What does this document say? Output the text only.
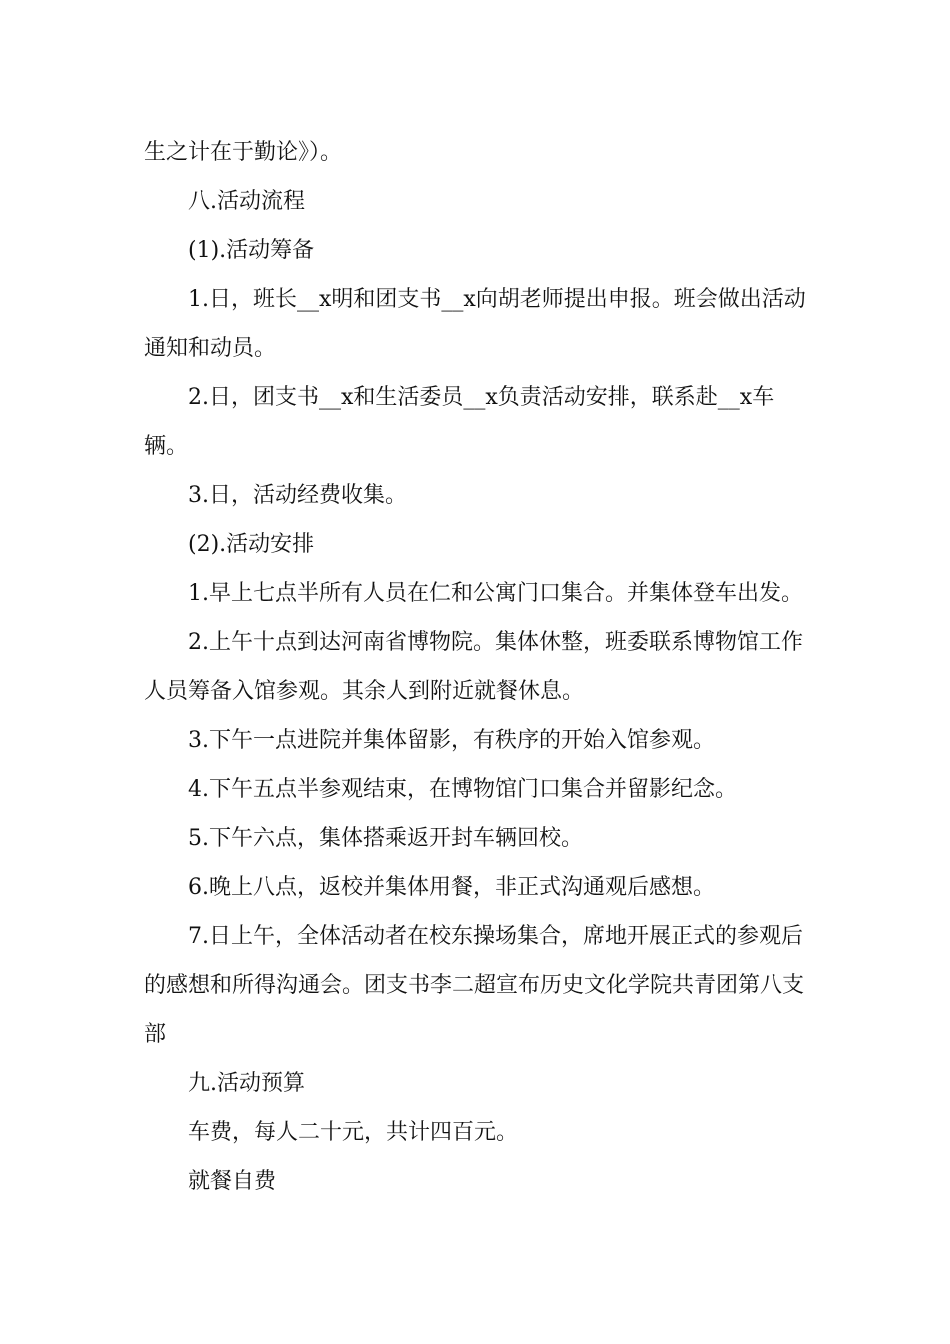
生之计在于勤论》）。

八.活动流程

(1).活动筹备

1.日，班长__x明和团支书__x向胡老师提出申报。班会做出活动通知和动员。

2.日，团支书__x和生活委员__x负责活动安排，联系赴__x车辆。

3.日，活动经费收集。

(2).活动安排

1.早上七点半所有人员在仁和公寓门口集合。并集体登车出发。

2.上午十点到达河南省博物院。集体休整，班委联系博物馆工作人员筹备入馆参观。其余人到附近就餐休息。

3.下午一点进院并集体留影，有秩序的开始入馆参观。

4.下午五点半参观结束，在博物馆门口集合并留影纪念。

5.下午六点，集体搭乘返开封车辆回校。

6.晚上八点，返校并集体用餐，非正式沟通观后感想。

7.日上午，全体活动者在校东操场集合，席地开展正式的参观后的感想和所得沟通会。团支书李二超宣布历史文化学院共青团第八支部

九.活动预算

车费，每人二十元，共计四百元。

就餐自费
